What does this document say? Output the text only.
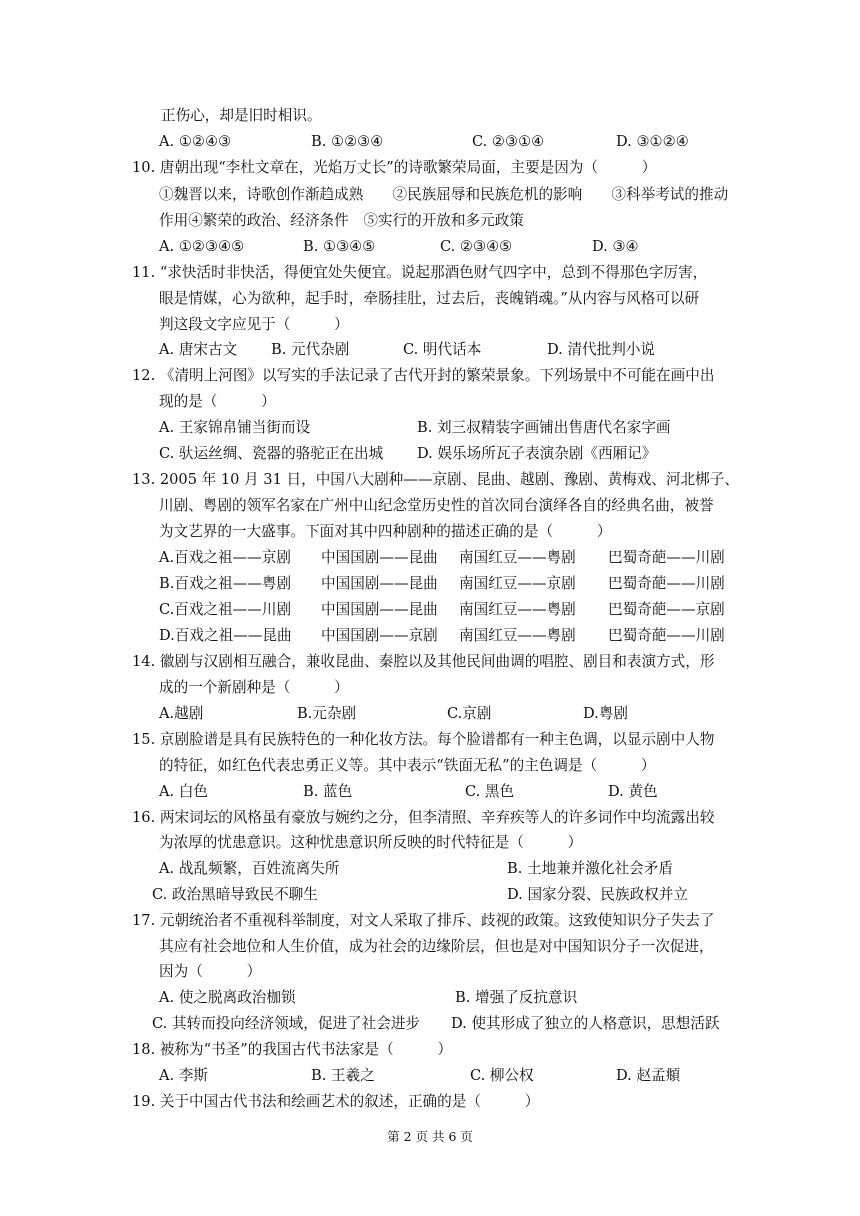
正伤心，却是旧时相识。
10. 唐朝出现“李杜文章在，光焰万丈长”的诗歌繁荣局面，主要是因为（　　　）
①魏晋以来，诗歌创作渐趋成熟　　②民族屈辱和民族危机的影响　　③科举考试的推动
作用④繁荣的政治、经济条件　⑤实行的开放和多元政策
11. “求快活时非快活，得便宜处失便宜。说起那酒色财气四字中，总到不得那色字厉害，
眼是情媒，心为欲种，起手时，牵肠挂肚，过去后，丧魄销魂。”从内容与风格可以研
判这段文字应见于（　　　）
12. 《清明上河图》以写实的手法记录了古代开封的繁荣景象。下列场景中不可能在画中出
现的是（　　　）
13. 2005 年 10 月 31 日，中国八大剧种——京剧、昆曲、越剧、豫剧、黄梅戏、河北梆子、
川剧、粤剧的领军名家在广州中山纪念堂历史性的首次同台演绎各自的经典名曲，被誉
为文艺界的一大盛事。下面对其中四种剧种的描述正确的是（　　　）
14. 徽剧与汉剧相互融合，兼收昆曲、秦腔以及其他民间曲调的唱腔、剧目和表演方式，形
成的一个新剧种是（　　　）
15. 京剧脸谱是具有民族特色的一种化妆方法。每个脸谱都有一种主色调，以显示剧中人物
的特征，如红色代表忠勇正义等。其中表示“铁面无私”的主色调是（　　　）
16. 两宋词坛的风格虽有豪放与婉约之分，但李清照、辛弃疾等人的许多词作中均流露出较
为浓厚的忧患意识。这种忧患意识所反映的时代特征是（　　　）
17. 元朝统治者不重视科举制度，对文人采取了排斥、歧视的政策。这致使知识分子失去了
其应有社会地位和人生价值，成为社会的边缘阶层，但也是对中国知识分子一次促进，
因为（　　　）
18. 被称为“书圣”的我国古代书法家是（　　　）
19. 关于中国古代书法和绘画艺术的叙述，正确的是（　　　）
A. ①②④③	B. ①②③④	C. ②③①④	D. ③①②④
A. ①②③④⑤	B. ①③④⑤	C. ②③④⑤	D. ③④
A. 唐宋古文 B. 元代杂剧	C. 明代话本	D. 清代批判小说
A. 王家锦帛铺当街而设	B. 刘三叔精装字画铺出售唐代名家字画
C. 驮运丝绸、瓷器的骆驼正在出城 D. 娱乐场所瓦子表演杂剧《西厢记》
A.百戏之祖——京剧 中国国剧——昆曲 南国红豆——粤剧 巴蜀奇葩——川剧
B.百戏之祖——粤剧 中国国剧——昆曲 南国红豆——京剧 巴蜀奇葩——川剧
C.百戏之祖——川剧 中国国剧——昆曲 南国红豆——粤剧 巴蜀奇葩——京剧
D.百戏之祖——昆曲 中国国剧——京剧 南国红豆——粤剧 巴蜀奇葩——川剧
A.越剧	B.元杂剧	C.京剧	D.粤剧
A. 白色	B. 蓝色	C. 黑色	D. 黄色
A. 战乱频繁，百姓流离失所	B. 土地兼并激化社会矛盾
C. 政治黑暗导致民不聊生	D. 国家分裂、民族政权并立
A. 使之脱离政治枷锁	B. 增强了反抗意识
C. 其转而投向经济领域，促进了社会进步 D. 使其形成了独立的人格意识，思想活跃
A. 李斯	B. 王羲之	C. 柳公权	D. 赵孟頫
第 2 页 共 6 页
